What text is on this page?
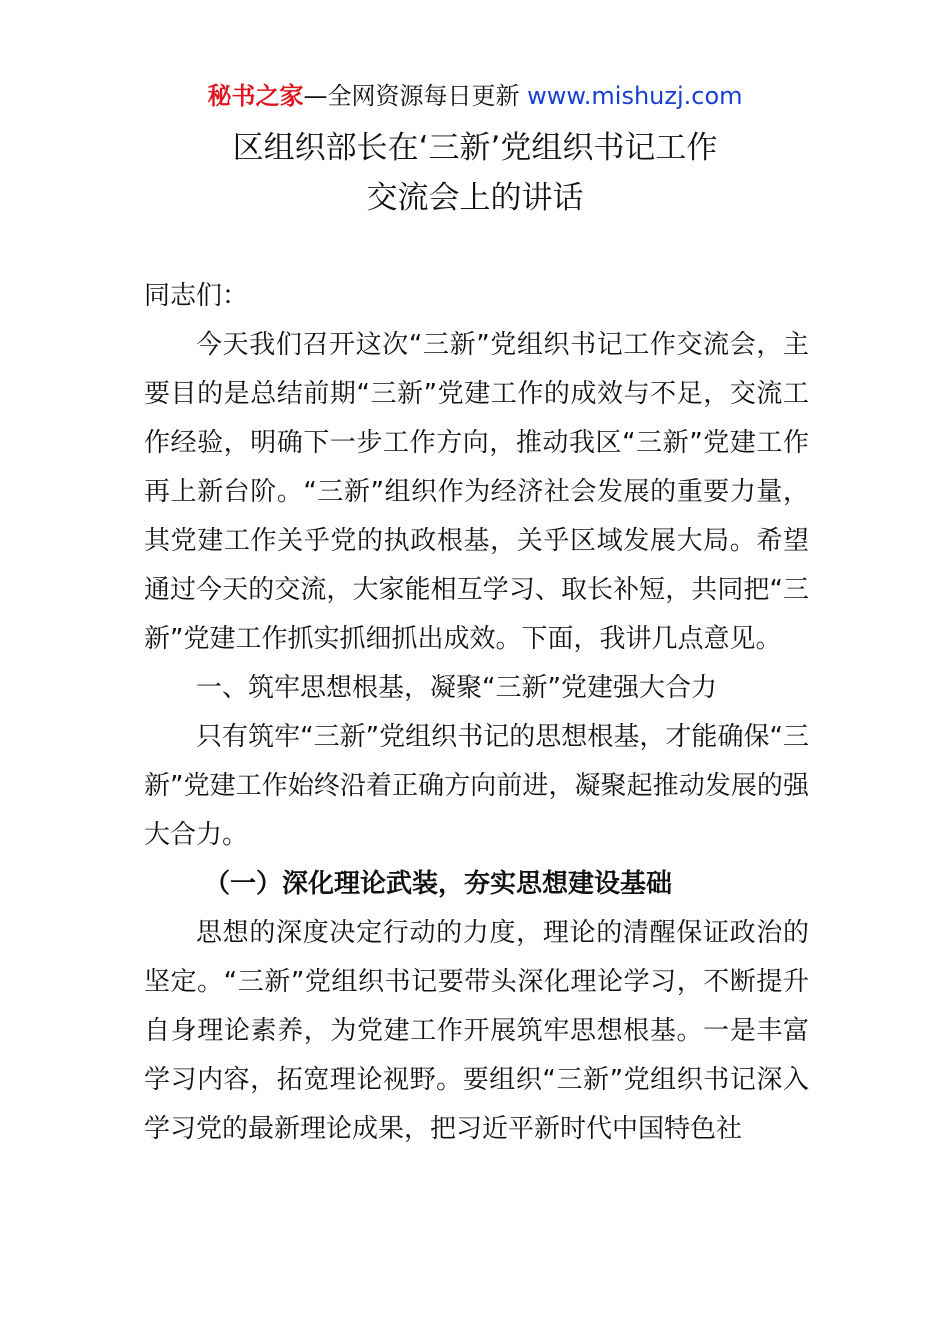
秘书之家—全网资源每日更新 www.mishuzj.com
区组织部长在‘三新’党组织书记工作
交流会上的讲话

同志们：

今天我们召开这次“三新”党组织书记工作交流会，主要目的是总结前期“三新”党建工作的成效与不足，交流工作经验，明确下一步工作方向，推动我区“三新”党建工作再上新台阶。“三新”组织作为经济社会发展的重要力量，其党建工作关乎党的执政根基，关乎区域发展大局。希望通过今天的交流，大家能相互学习、取长补短，共同把“三新”党建工作抓实抓细抓出成效。下面，我讲几点意见。

一、筑牢思想根基，凝聚“三新”党建强大合力

只有筑牢“三新”党组织书记的思想根基，才能确保“三新”党建工作始终沿着正确方向前进，凝聚起推动发展的强大合力。

（一）深化理论武装，夯实思想建设基础

思想的深度决定行动的力度，理论的清醒保证政治的坚定。“三新”党组织书记要带头深化理论学习，不断提升自身理论素养，为党建工作开展筑牢思想根基。一是丰富学习内容，拓宽理论视野。要组织“三新”党组织书记深入学习党的最新理论成果，把习近平新时代中国特色社
